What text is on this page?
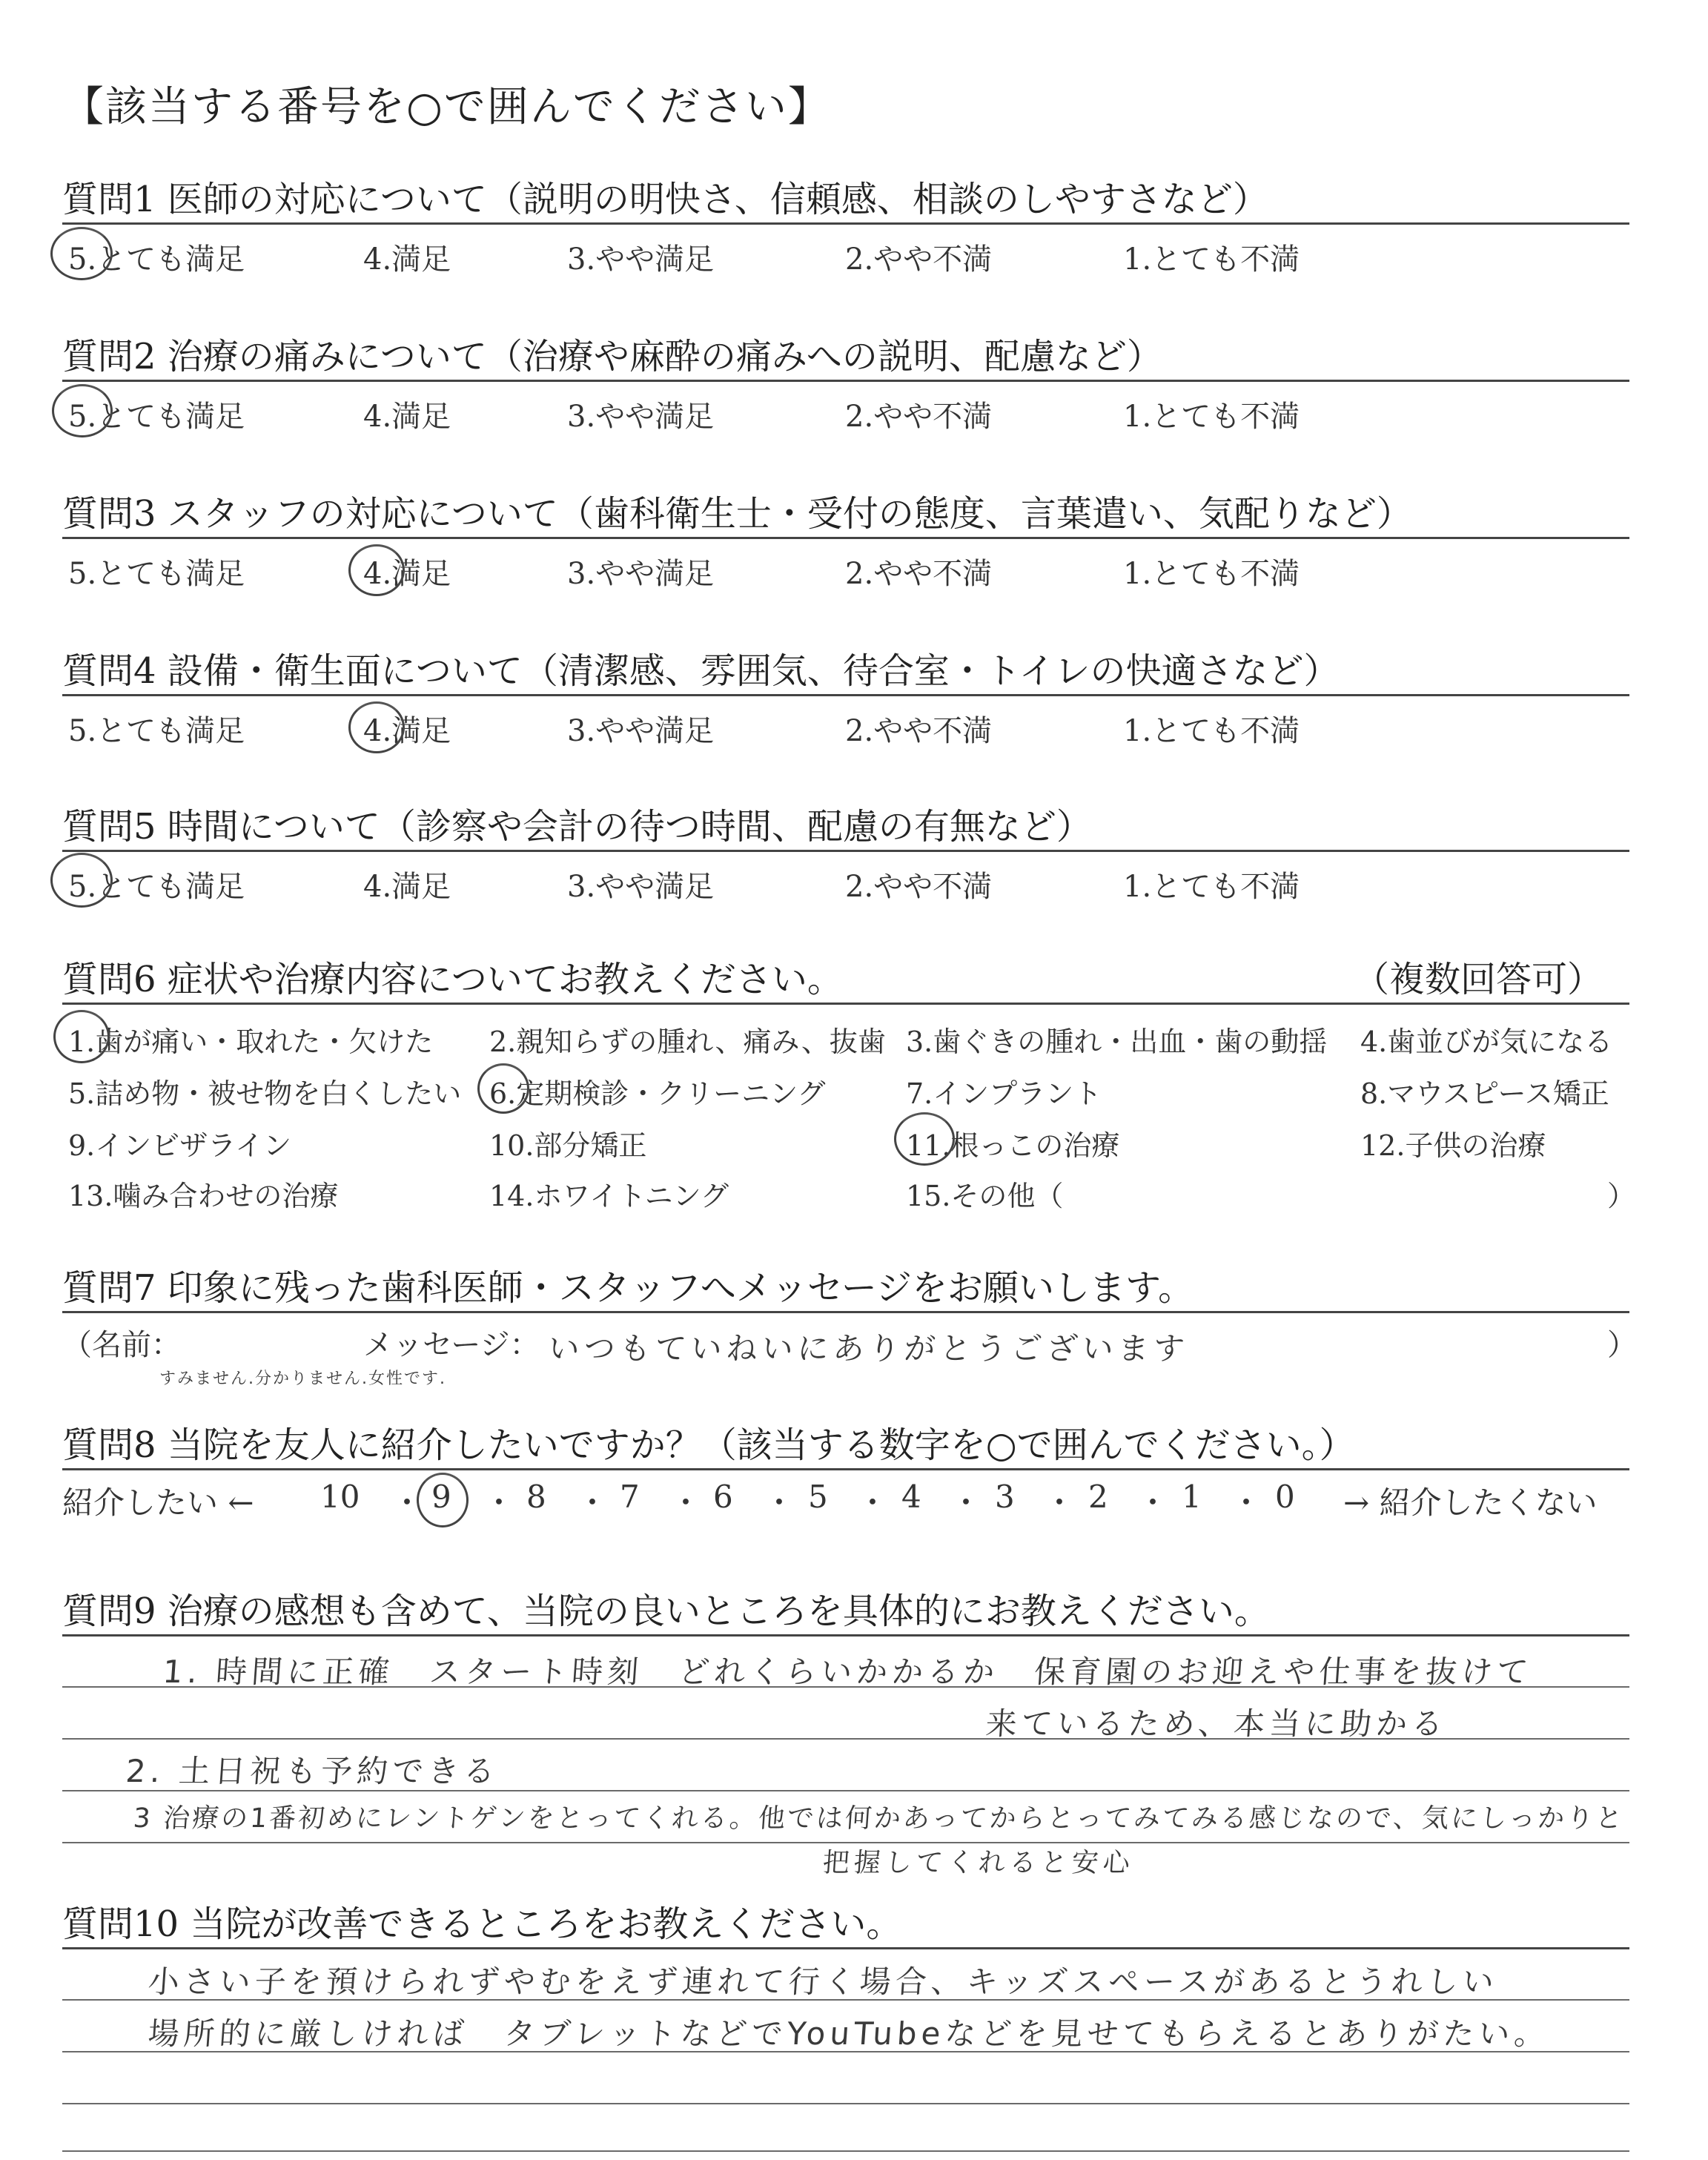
【該当する番号を○で囲んでください】
質問1 医師の対応について（説明の明快さ、信頼感、相談のしやすさなど）
5.とても満足	4.満足	3.やや満足	2.やや不満	1.とても不満
質問2 治療の痛みについて（治療や麻酔の痛みへの説明、配慮など）
5.とても満足	4.満足	3.やや満足	2.やや不満	1.とても不満
質問3 スタッフの対応について（歯科衛生士・受付の態度、言葉遣い、気配りなど）
5.とても満足	4.満足	3.やや満足	2.やや不満	1.とても不満
質問4 設備・衛生面について（清潔感、雰囲気、待合室・トイレの快適さなど）
5.とても満足	4.満足	3.やや満足	2.やや不満	1.とても不満
質問5 時間について（診察や会計の待つ時間、配慮の有無など）
5.とても満足	4.満足	3.やや満足	2.やや不満	1.とても不満
質問6 症状や治療内容についてお教えください。	（複数回答可）
1.歯が痛い・取れた・欠けた 2.親知らずの腫れ、痛み、抜歯 3.歯ぐきの腫れ・出血・歯の動揺 4.歯並びが気になる
5.詰め物・被せ物を白くしたい 6.定期検診・クリーニング	7.インプラント	8.マウスピース矯正
9.インビザライン	10.部分矯正	11.根っこの治療	12.子供の治療
13.噛み合わせの治療	14.ホワイトニング	15.その他（	）
質問7 印象に残った歯科医師・スタッフへメッセージをお願いします。
（名前：	メッセージ： いつもていねいにありがとうございます
すみません.分かりません.女性です.
）
質問8 当院を友人に紹介したいですか？（該当する数字を○で囲んでください。）
紹介したい ←	→ 紹介したくない
10 ・ 9 ・ 8 ・ 7 ・ 6 ・ 5 ・ 4 ・ 3 ・ 2 ・ 1 ・ 0
質問9 治療の感想も含めて、当院の良いところを具体的にお教えください。
1. 時間に正確　スタート時刻　どれくらいかかるか　保育園のお迎えや仕事を抜けて
来ているため、本当に助かる
2. 土日祝も予約できる
3 治療の1番初めにレントゲンをとってくれる。他では何かあってからとってみてみる感じなので、気にしっかりと
把握してくれると安心
質問10 当院が改善できるところをお教えください。
小さい子を預けられずやむをえず連れて行く場合、キッズスペースがあるとうれしい
場所的に厳しければ　タブレットなどでYouTubeなどを見せてもらえるとありがたい。
